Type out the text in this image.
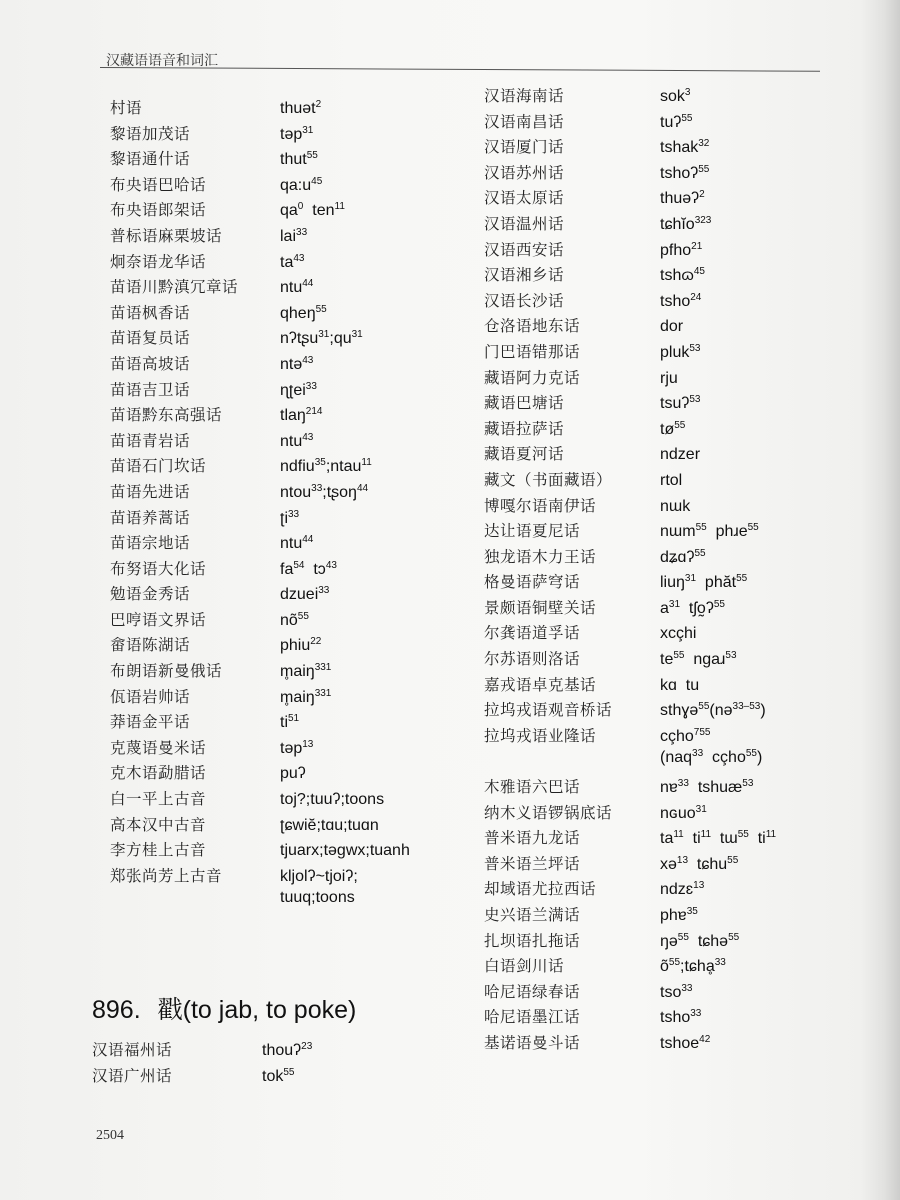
汉藏语语音和词汇
村语	thuət$^2$
黎语加茂话	təp$^{31}$
黎语通什话	thut$^{55}$
布央语巴哈话	$qa:u^{45}$
布央语郎架话	$qa^0$  ten$^{11}$
普标语麻栗坡话	lai$^{33}$
炯奈语龙华话	$ta^{43}$
苗语川黔滇冗章话	ntu$^{44}$
苗语枫香话	qheŋ$^{55}$
苗语复员话	$nʔtʂu^{31};qu^{31}$
苗语高坡话	ntə$^{43}$
苗语吉卫话	ɳʈei$^{33}$
苗语黔东高强话	tlaŋ$^{214}$
苗语青岩话	ntu$^{43}$
苗语石门坎话	ndfiu$^{35}$;ntau$^{11}$
苗语先进话	ntou$^{33}$;tʂoŋ$^{44}$
苗语养蒿话	ʈi$^{33}$
苗语宗地话	ntu$^{44}$
布努语大化话	$fa^{54}$  tɔ$^{43}$
勉语金秀话	dzuei$^{33}$
巴哼语文界话	$nõ^{55}$
畲语陈湖话	phiu$^{22}$
布朗语新曼俄话	m̥aiŋ$^{331}$
佤语岩帅话	m̥aiŋ$^{331}$
莽语金平话	$ti^{51}$
克蔑语曼米话	təp$^{13}$
克木语勐腊话	puʔ
白一平上古音	toj?;tuuʔ;toons
高本汉中古音	ʈɕwiĕ;tɑu;tuɑn
李方桂上古音	tjuarx;təgwx;tuanh
郑张尚芳上古音	kljolʔ~tjoiʔ;
tuuq;toons
896. 戳(to jab, to poke)
汉语福州话	thouʔ$^{23}$
汉语广州话	tok$^{55}$
汉语海南话	sok$^3$
汉语南昌话	tuʔ$^{55}$
汉语厦门话	tshak$^{32}$
汉语苏州话	tshoʔ$^{55}$
汉语太原话	thuəʔ$^2$
汉语温州话	tɕhĭo$^{323}$
汉语西安话	pfho$^{21}$
汉语湘乡话	tshɷ$^{45}$
汉语长沙话	tsho$^{24}$
仓洛语地东话	dor
门巴语错那话	pluk$^{53}$
藏语阿力克话	rju
藏语巴塘话	tsuʔ$^{53}$
藏语拉萨话	$tø^{55}$
藏语夏河话	ndzer
藏文（书面藏语）	rtol
博嘎尔语南伊话	nɯk
达让语夏尼话	nɯm$^{55}$  phɹe$^{55}$
独龙语木力王话	dʑɑʔ$^{55}$
格曼语萨穹话	liuŋ$^{31}$  phăt$^{55}$
景颇语铜壁关话	$a^{31}$  tʃo̰ʔ$^{55}$
尔龚语道孚话	xcçhi
尔苏语则洛话	$te^{55}$  ngaɹ$^{53}$
嘉戎语卓克基话	kɑ  tu
拉坞戎语观音桥话	sthɣə$^{55}$(nə$^{33-53}$)
拉坞戎语业隆话	cçho$^{755}$
(naq$^{33}$  cçho$^{55}$)
木雅语六巴话	nɐ$^{33}$  tshuæ$^{53}$
纳木义语锣锅底话	nɢuo$^{31}$
普米语九龙话	$ta^{11}$  $ti^{11}$  tɯ$^{55}$  $ti^{11}$
普米语兰坪话	xə$^{13}$  tɕhu$^{55}$
却域语尤拉西话	ndzɛ$^{13}$
史兴语兰满话	phɐ$^{35}$
扎坝语扎拖话	ŋə$^{55}$  tɕhə$^{55}$
白语剑川话	$õ^{55};tɕhḁ^{33}$
哈尼语绿春话	tso$^{33}$
哈尼语墨江话	tsho$^{33}$
基诺语曼斗话	tshoe$^{42}$
2504
